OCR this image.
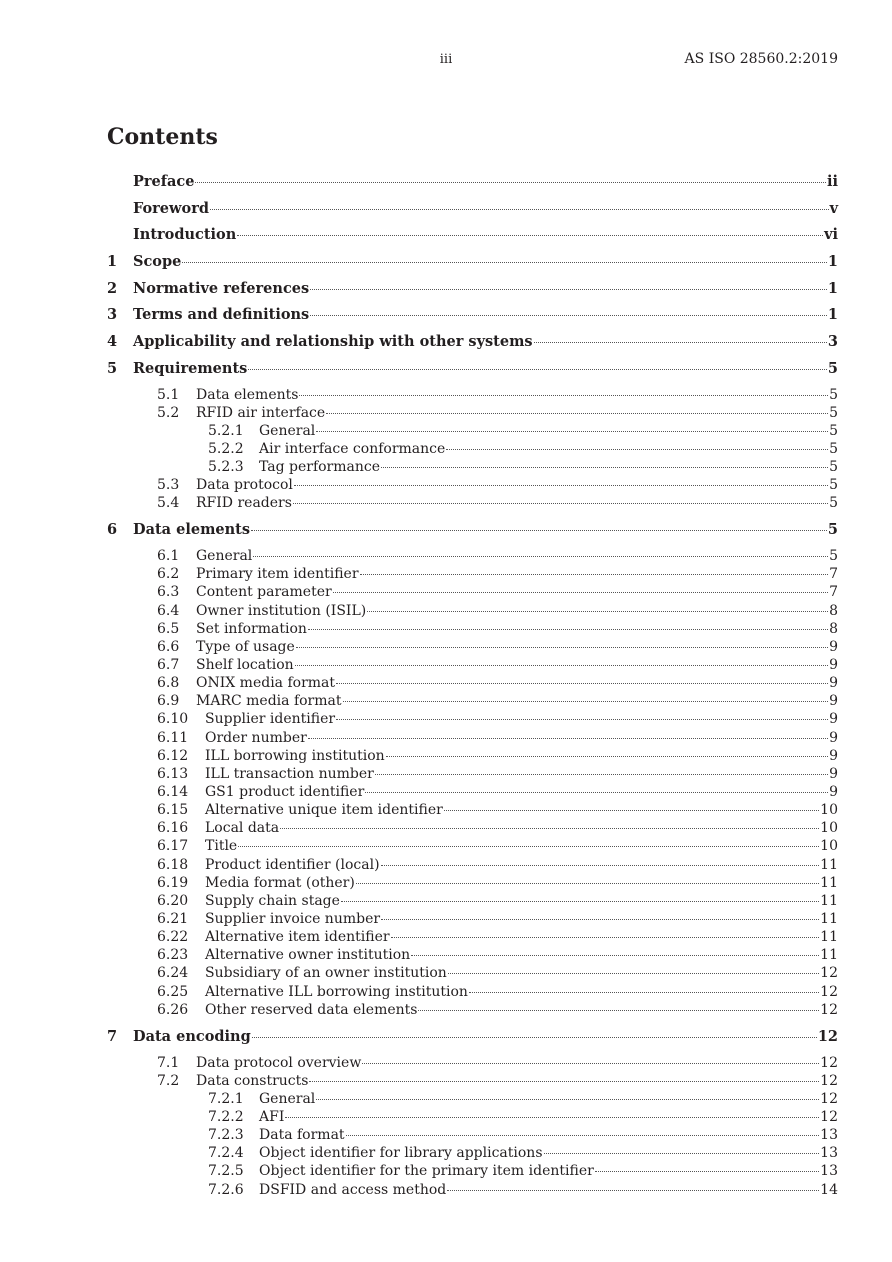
iii	AS ISO 28560.2:2019
Contents
Preface	ii
Foreword	v
Introduction	vi
1	Scope	1
2	Normative references	1
3	Terms and definitions	1
4	Applicability and relationship with other systems	3
5	Requirements	5
5.1	Data elements	5
5.2	RFID air interface	5
5.2.1	General	5
5.2.2	Air interface conformance	5
5.2.3	Tag performance	5
5.3	Data protocol	5
5.4	RFID readers	5
6	Data elements	5
6.1	General	5
6.2	Primary item identifier	7
6.3	Content parameter	7
6.4	Owner institution (ISIL)	8
6.5	Set information	8
6.6	Type of usage	9
6.7	Shelf location	9
6.8	ONIX media format	9
6.9	MARC media format	9
6.10	Supplier identifier	9
6.11	Order number	9
6.12	ILL borrowing institution	9
6.13	ILL transaction number	9
6.14	GS1 product identifier	9
6.15	Alternative unique item identifier	10
6.16	Local data	10
6.17	Title	10
6.18	Product identifier (local)	11
6.19	Media format (other)	11
6.20	Supply chain stage	11
6.21	Supplier invoice number	11
6.22	Alternative item identifier	11
6.23	Alternative owner institution	11
6.24	Subsidiary of an owner institution	12
6.25	Alternative ILL borrowing institution	12
6.26	Other reserved data elements	12
7	Data encoding	12
7.1	Data protocol overview	12
7.2	Data constructs	12
7.2.1	General	12
7.2.2	AFI	12
7.2.3	Data format	13
7.2.4	Object identifier for library applications	13
7.2.5	Object identifier for the primary item identifier	13
7.2.6	DSFID and access method	14
